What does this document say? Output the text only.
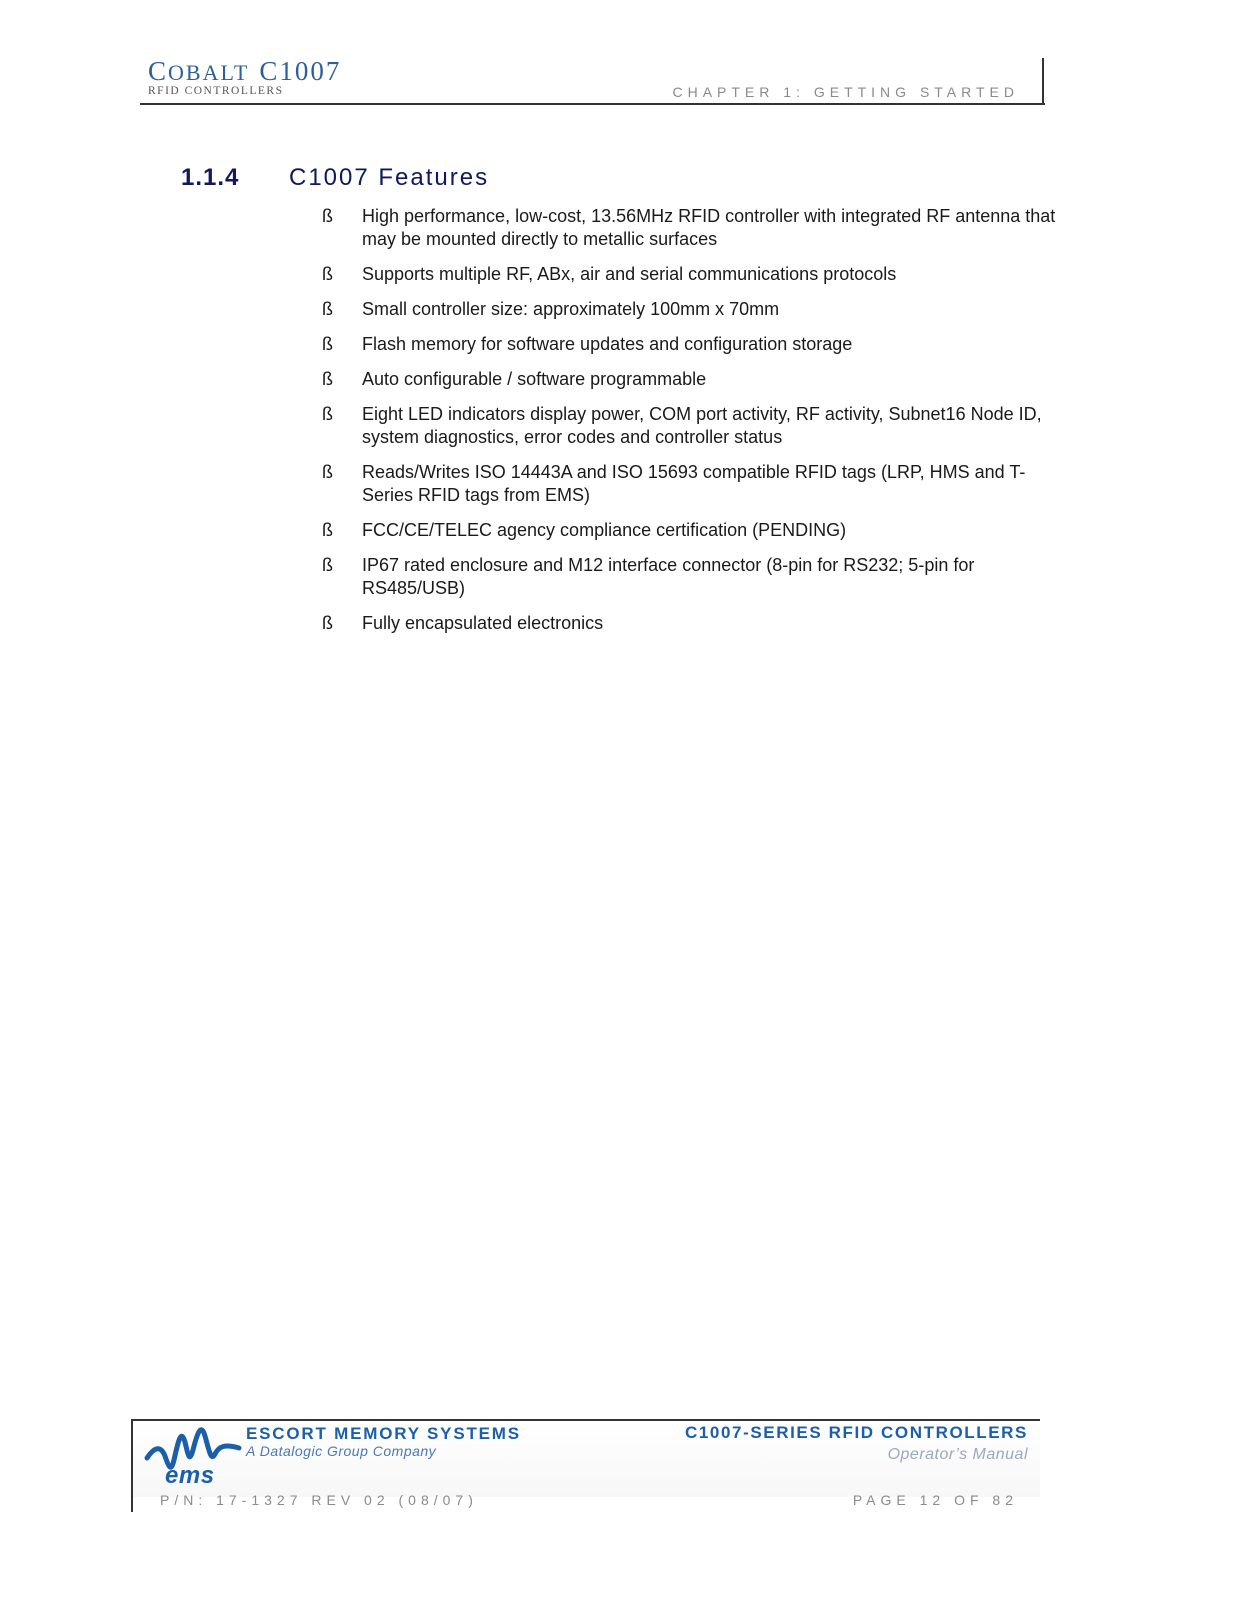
COBALT C1007
RFID CONTROLLERS	CHAPTER 1: GETTING STARTED
1.1.4 C1007 Features
ß High performance, low-cost, 13.56MHz RFID controller with integrated RF antenna that may be mounted directly to metallic surfaces
ß Supports multiple RF, ABx, air and serial communications protocols
ß Small controller size: approximately 100mm x 70mm
ß Flash memory for software updates and configuration storage
ß Auto configurable / software programmable
ß Eight LED indicators display power, COM port activity, RF activity, Subnet16 Node ID, system diagnostics, error codes and controller status
ß Reads/Writes ISO 14443A and ISO 15693 compatible RFID tags (LRP, HMS and T-Series RFID tags from EMS)
ß FCC/CE/TELEC agency compliance certification (PENDING)
ß IP67 rated enclosure and M12 interface connector (8-pin for RS232; 5-pin for RS485/USB)
ß Fully encapsulated electronics
ems
ESCORT MEMORY SYSTEMS
A Datalogic Group Company
C1007-SERIES RFID CONTROLLERS
Operator’s Manual
P/N: 17-1327 REV 02 (08/07)	PAGE 12 OF 82
